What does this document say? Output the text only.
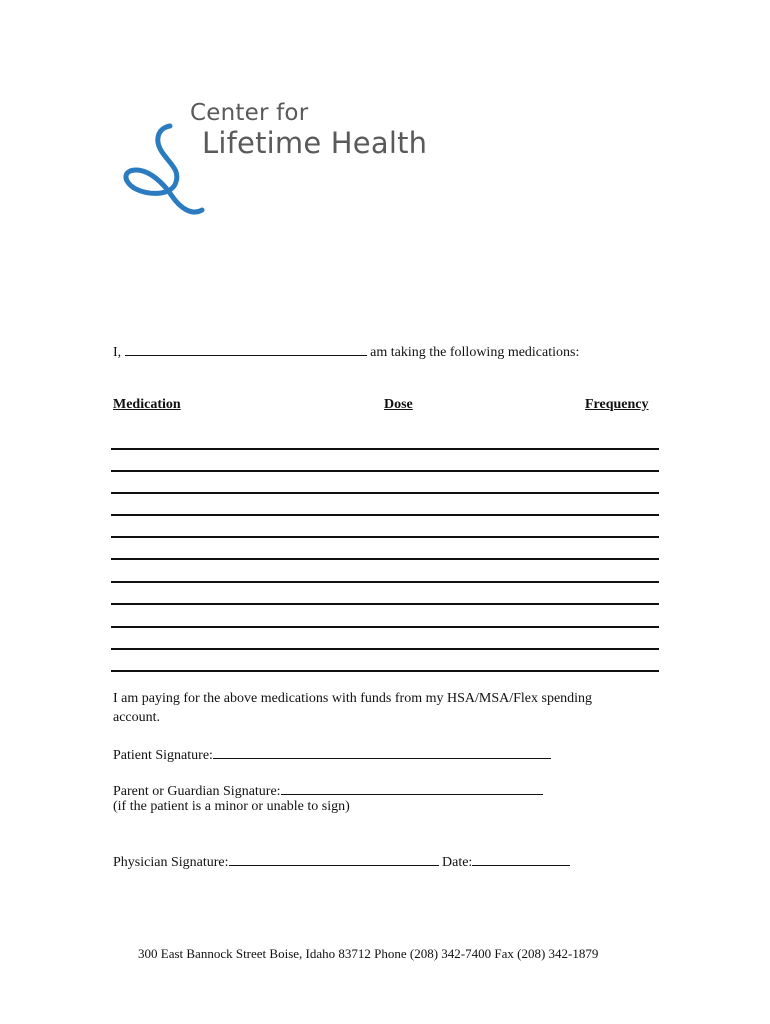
Center for
Lifetime Health
I,	am taking the following medications:
Medication	Dose	Frequency
I am paying for the above medications with funds from my HSA/MSA/Flex spending
account.
Patient Signature:
Parent or Guardian Signature:
(if the patient is a minor or unable to sign)
Physician Signature:	Date:
300 East Bannock Street Boise, Idaho 83712 Phone (208) 342-7400 Fax (208) 342-1879
